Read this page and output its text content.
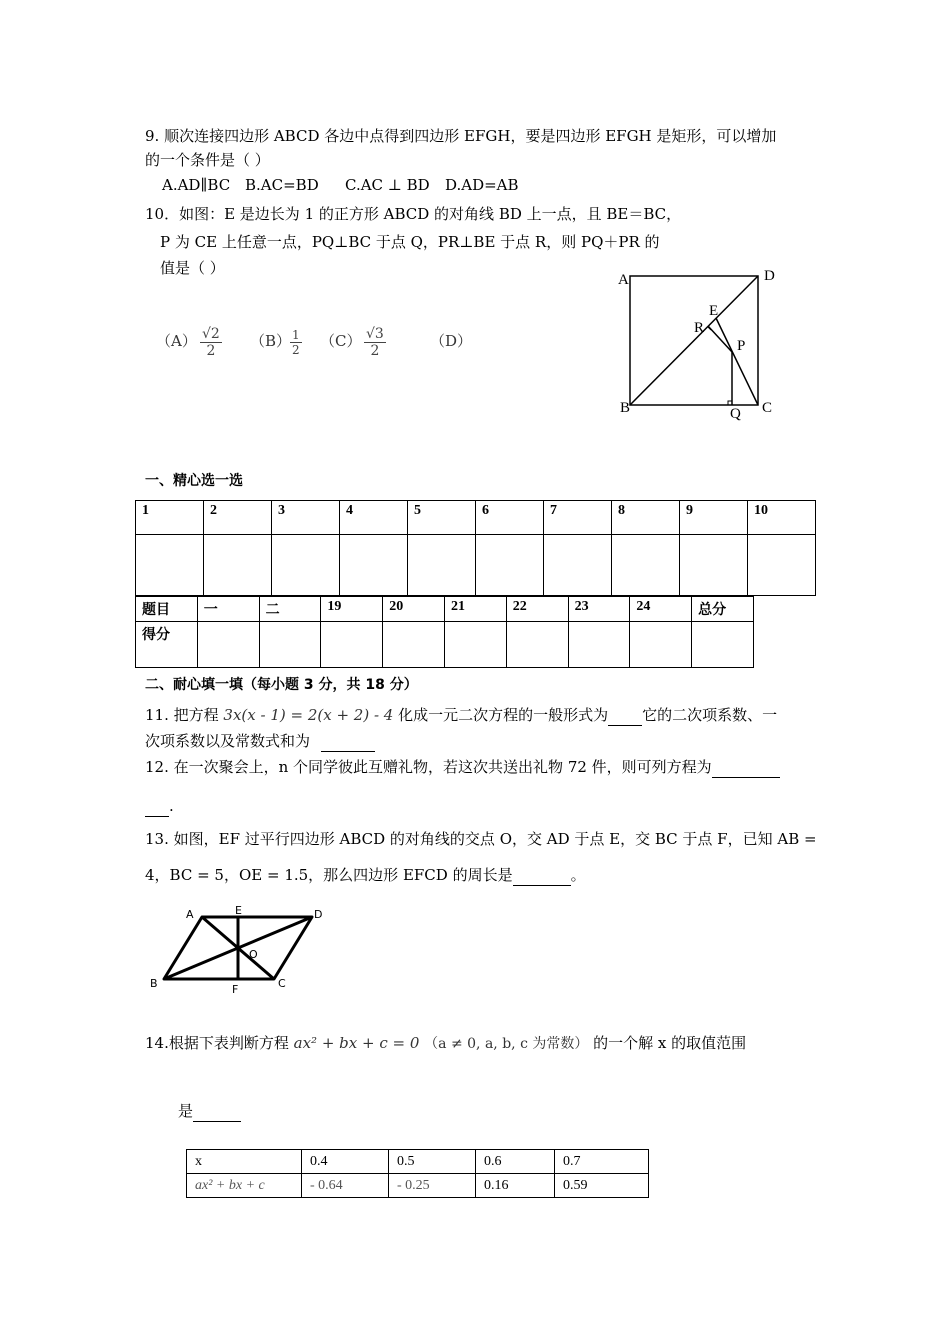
9. 顺次连接四边形 ABCD 各边中点得到四边形 EFGH，要是四边形 EFGH 是矩形，可以增加
的一个条件是（ ）
A.AD∥BC B.AC=BD C.AC ⊥ BD D.AD=AB
10．如图：E 是边长为 1 的正方形 ABCD 的对角线 BD 上一点，且 BE＝BC，
P 为 CE 上任意一点，PQ⊥BC 于点 Q，PR⊥BE 于点 R，则 PQ＋PR 的
值是（ ）
$(A) \frac{√2}{2} (B)$
$\frac{1}{2} (C) \frac{√3}{2}$	（D）
A	D
E
R
P
B	C
Q
一、精心选一选
1	2	3	4	5	6	7	8	9	10

题目	一	二	19	20	21	22	23	24	总分
得分									
二、耐心填一填（每小题 3 分，共 18 分）
11. 把方程 3x(x - 1) = 2(x + 2) - 4 化成一元二次方程的一般形式为 它的二次项系数、一
次项系数以及常数式和为
12. 在一次聚会上，n 个同学彼此互赠礼物，若这次共送出礼物 72 件，则可列方程为
.
13. 如图，EF 过平行四边形 ABCD 的对角线的交点 O，交 AD 于点 E，交 BC 于点 F，已知 AB =
4，BC = 5，OE = 1.5，那么四边形 EFCD 的周长是	。
A	E	D
O
B	F	C
14.根据下表判断方程 ax² + bx + c = 0 （a ≠ 0, a, b, c 为常数） 的一个解 x 的取值范围
是
x	0.4	0.5	0.6	0.7
ax² + bx + c	- 0.64	- 0.25	0.16	0.59
